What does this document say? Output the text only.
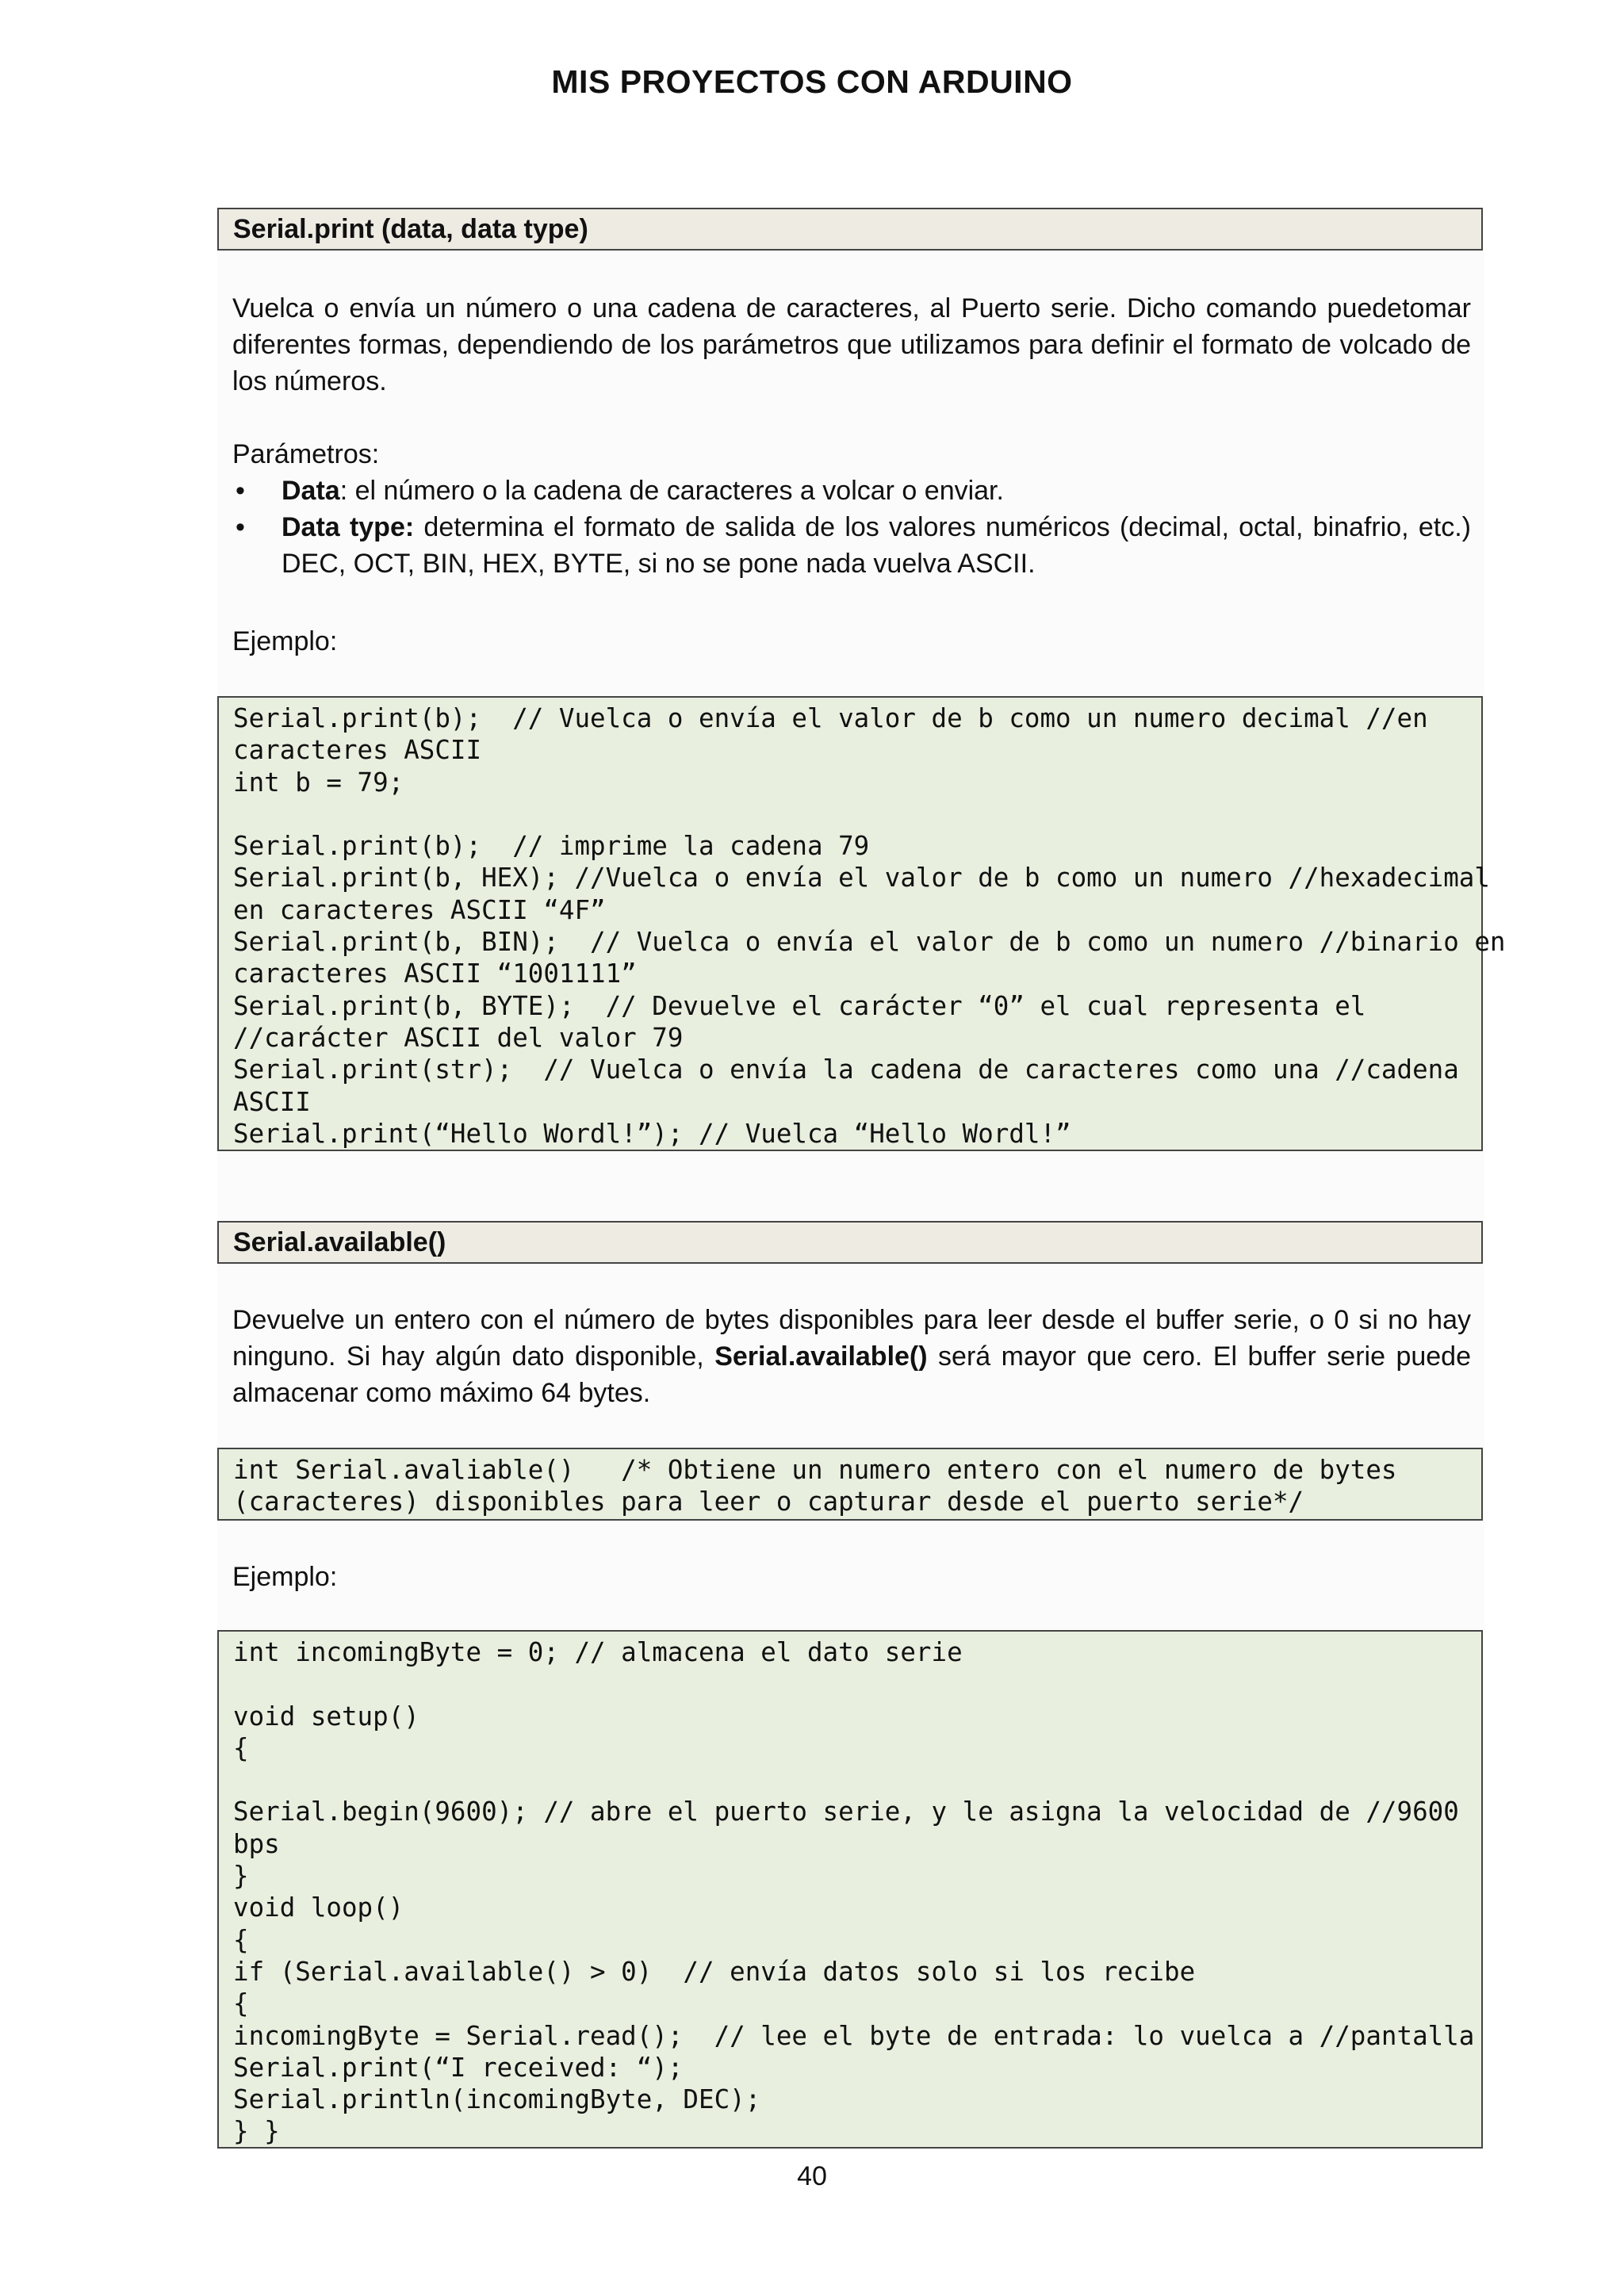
MIS PROYECTOS CON ARDUINO
Serial.print (data, data type)

Vuelca o envía un número o una cadena de caracteres, al Puerto serie. Dicho comando puedetomar diferentes formas, dependiendo de los parámetros que utilizamos para definir el formato de volcado de los números.

Parámetros:

• Data: el número o la cadena de caracteres a volcar o enviar.
• Data type: determina el formato de salida de los valores numéricos (decimal, octal, binafrio, etc.) DEC, OCT, BIN, HEX, BYTE, si no se pone nada vuelva ASCII.
Ejemplo:
Serial.print(b);  // Vuelca o envía el valor de b como un numero decimal //en
caracteres ASCII
int b = 79;

Serial.print(b);  // imprime la cadena 79
Serial.print(b, HEX); //Vuelca o envía el valor de b como un numero //hexadecimal
en caracteres ASCII “4F”
Serial.print(b, BIN);  // Vuelca o envía el valor de b como un numero //binario en
caracteres ASCII “1001111”
Serial.print(b, BYTE);  // Devuelve el carácter “0” el cual representa el
//carácter ASCII del valor 79
Serial.print(str);  // Vuelca o envía la cadena de caracteres como una //cadena
ASCII
Serial.print(“Hello Wordl!”); // Vuelca “Hello Wordl!”
Serial.available()

Devuelve un entero con el número de bytes disponibles para leer desde el buffer serie, o 0 si no hay ninguno. Si hay algún dato disponible, Serial.available() será mayor que cero. El buffer serie puede almacenar como máximo 64 bytes.

int Serial.avaliable()   /* Obtiene un numero entero con el numero de bytes
(caracteres) disponibles para leer o capturar desde el puerto serie*/
Ejemplo:
int incomingByte = 0; // almacena el dato serie

void setup()
{

Serial.begin(9600); // abre el puerto serie, y le asigna la velocidad de //9600
bps
}
void loop()
{
if (Serial.available() > 0)  // envía datos solo si los recibe
{
incomingByte = Serial.read();  // lee el byte de entrada: lo vuelca a //pantalla
Serial.print(“I received: “);
Serial.println(incomingByte, DEC);
} }
40
